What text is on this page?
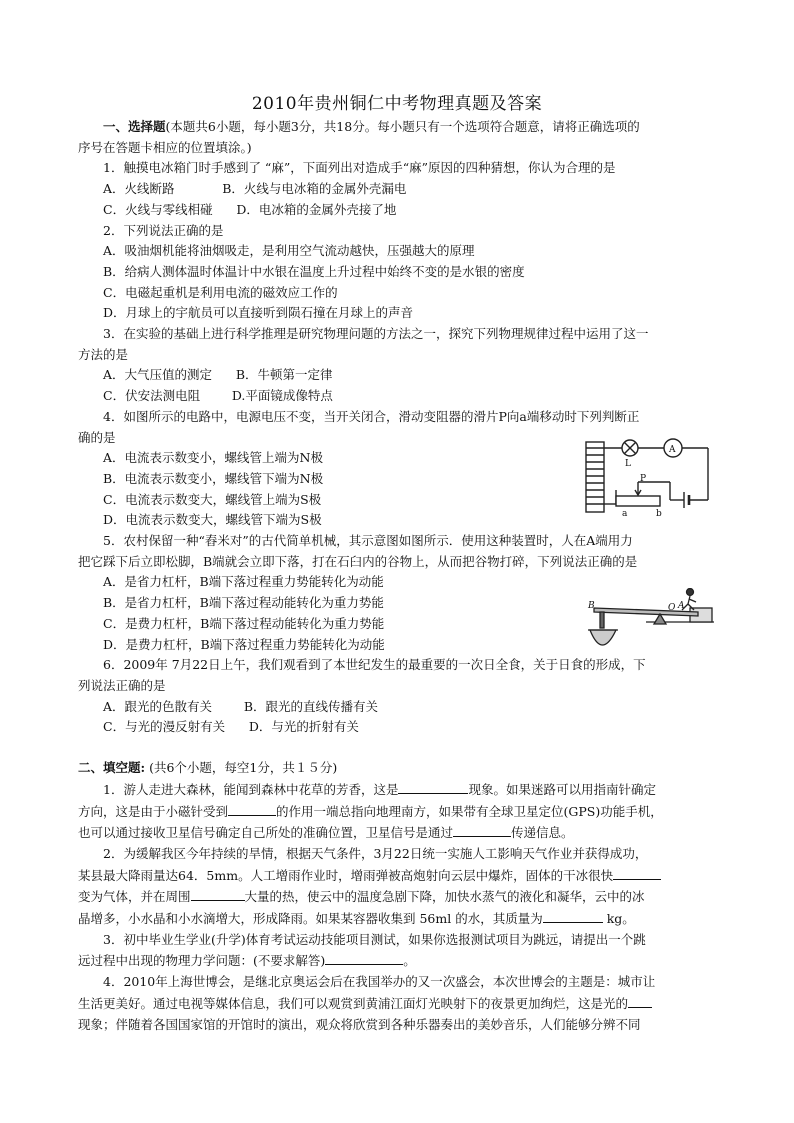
2010年贵州铜仁中考物理真题及答案

一、选择题(本题共6小题，每小题3分，共18分。每小题只有一个选项符合题意，请将正确选项的

序号在答题卡相应的位置填涂。)

1．触摸电冰箱门时手感到了 “麻”，下面列出对造成手“麻”原因的四种猜想，你认为合理的是

A．火线断路            B．火线与电冰箱的金属外壳漏电

C．火线与零线相碰      D．电冰箱的金属外壳接了地

2．下列说法正确的是

A．吸油烟机能将油烟吸走，是利用空气流动越快，压强越大的原理

B．给病人测体温时体温计中水银在温度上升过程中始终不变的是水银的密度

C．电磁起重机是利用电流的磁效应工作的

D．月球上的宇航员可以直接听到陨石撞在月球上的声音

3．在实验的基础上进行科学推理是研究物理问题的方法之一，探究下列物理规律过程中运用了这一

方法的是

A．大气压值的测定      B．牛顿第一定律

C．伏安法测电阻        D.平面镜成像特点

4．如图所示的电路中，电源电压不变，当开关闭合，滑动变阻器的滑片P向a端移动时下列判断正

确的是

A．电流表示数变小，螺线管上端为N极

B．电流表示数变小，螺线管下端为N极

C．电流表示数变大，螺线管上端为S极

D．电流表示数变大，螺线管下端为S极

5．农村保留一种“舂米对”的古代简单机械，其示意图如图所示．使用这种装置时，人在A端用力

把它踩下后立即松脚，B端就会立即下落，打在石臼内的谷物上，从而把谷物打碎，下列说法正确的是

A．是省力杠杆，B端下落过程重力势能转化为动能

B．是省力杠杆，B端下落过程动能转化为重力势能

C．是费力杠杆，B端下落过程动能转化为重力势能

D．是费力杠杆，B端下落过程重力势能转化为动能

6．2009年 7月22日上午，我们观看到了本世纪发生的最重要的一次日全食，关于日食的形成，下

列说法正确的是

A．跟光的色散有关        B．跟光的直线传播有关

C．与光的漫反射有关      D．与光的折射有关

二、填空题: (共6个小题，每空1分，共１５分)

1．游人走进大森林，能闻到森林中花草的芳香，这是	现象。如果迷路可以用指南针确定

方向，这是由于小磁针受到	的作用一端总指向地理南方，如果带有全球卫星定位(GPS)功能手机，

也可以通过接收卫星信号确定自己所处的准确位置，卫星信号是通过	传递信息。

2．为缓解我区今年持续的旱情，根据天气条件，3月22日统一实施人工影响天气作业并获得成功，

某县最大降雨量达64．5mm。人工增雨作业时，增雨弹被高炮射向云层中爆炸，固体的干冰很快

变为气体，并在周围	大量的热，使云中的温度急剧下降，加快水蒸气的液化和凝华，云中的冰

晶增多，小水晶和小水滴增大，形成降雨。如果某容器收集到 56ml 的水，其质量为	kg。

3．初中毕业生学业(升学)体育考试运动技能项目测试，如果你选报测试项目为跳远，请提出一个跳

远过程中出现的物理力学问题：(不要求解答)	。

4．2010年上海世博会，是继北京奥运会后在我国举办的又一次盛会，本次世博会的主题是：城市让

生活更美好。通过电视等媒体信息，我们可以观赏到黄浦江面灯光映射下的夜景更加绚烂，这是光的

现象；伴随着各国国家馆的开馆时的演出，观众将欣赏到各种乐器奏出的美妙音乐，人们能够分辨不同

L
A
P
a	b
B	O A
